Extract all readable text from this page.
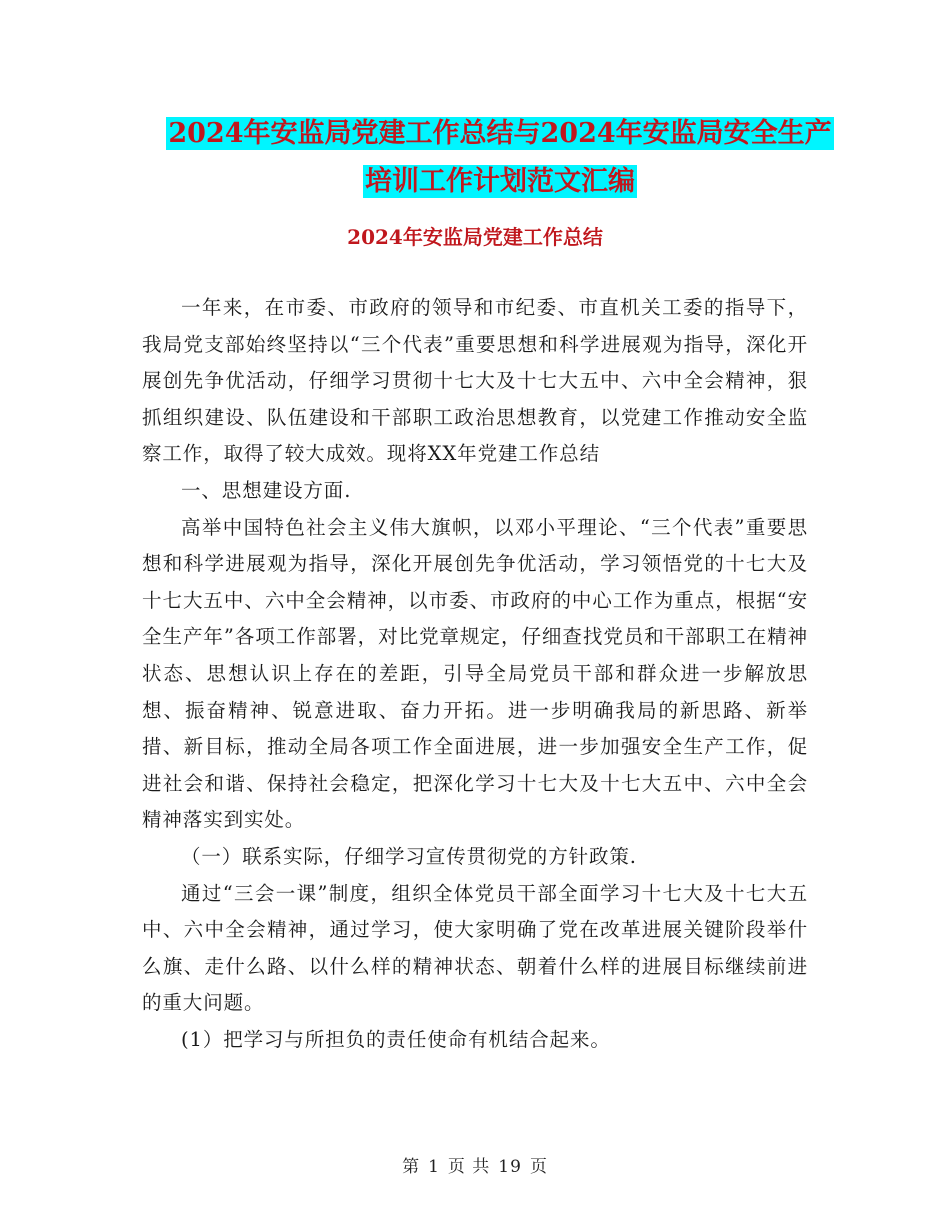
2024年安监局党建工作总结与2024年安监局安全生产
培训工作计划范文汇编
2024年安监局党建工作总结

一年来，在市委、市政府的领导和市纪委、市直机关工委的指导下，我局党支部始终坚持以“三个代表”重要思想和科学进展观为指导，深化开展创先争优活动，仔细学习贯彻十七大及十七大五中、六中全会精神，狠抓组织建设、队伍建设和干部职工政治思想教育，以党建工作推动安全监察工作，取得了较大成效。现将XX年党建工作总结

一、思想建设方面.

高举中国特色社会主义伟大旗帜，以邓小平理论、“三个代表”重要思想和科学进展观为指导，深化开展创先争优活动，学习领悟党的十七大及十七大五中、六中全会精神，以市委、市政府的中心工作为重点，根据“安全生产年”各项工作部署，对比党章规定，仔细查找党员和干部职工在精神状态、思想认识上存在的差距，引导全局党员干部和群众进一步解放思想、振奋精神、锐意进取、奋力开拓。进一步明确我局的新思路、新举措、新目标，推动全局各项工作全面进展，进一步加强安全生产工作，促进社会和谐、保持社会稳定，把深化学习十七大及十七大五中、六中全会精神落实到实处。

（一）联系实际，仔细学习宣传贯彻党的方针政策.

通过“三会一课”制度，组织全体党员干部全面学习十七大及十七大五中、六中全会精神，通过学习，使大家明确了党在改革进展关键阶段举什么旗、走什么路、以什么样的精神状态、朝着什么样的进展目标继续前进的重大问题。

(1）把学习与所担负的责任使命有机结合起来。

第 1 页 共 19 页
